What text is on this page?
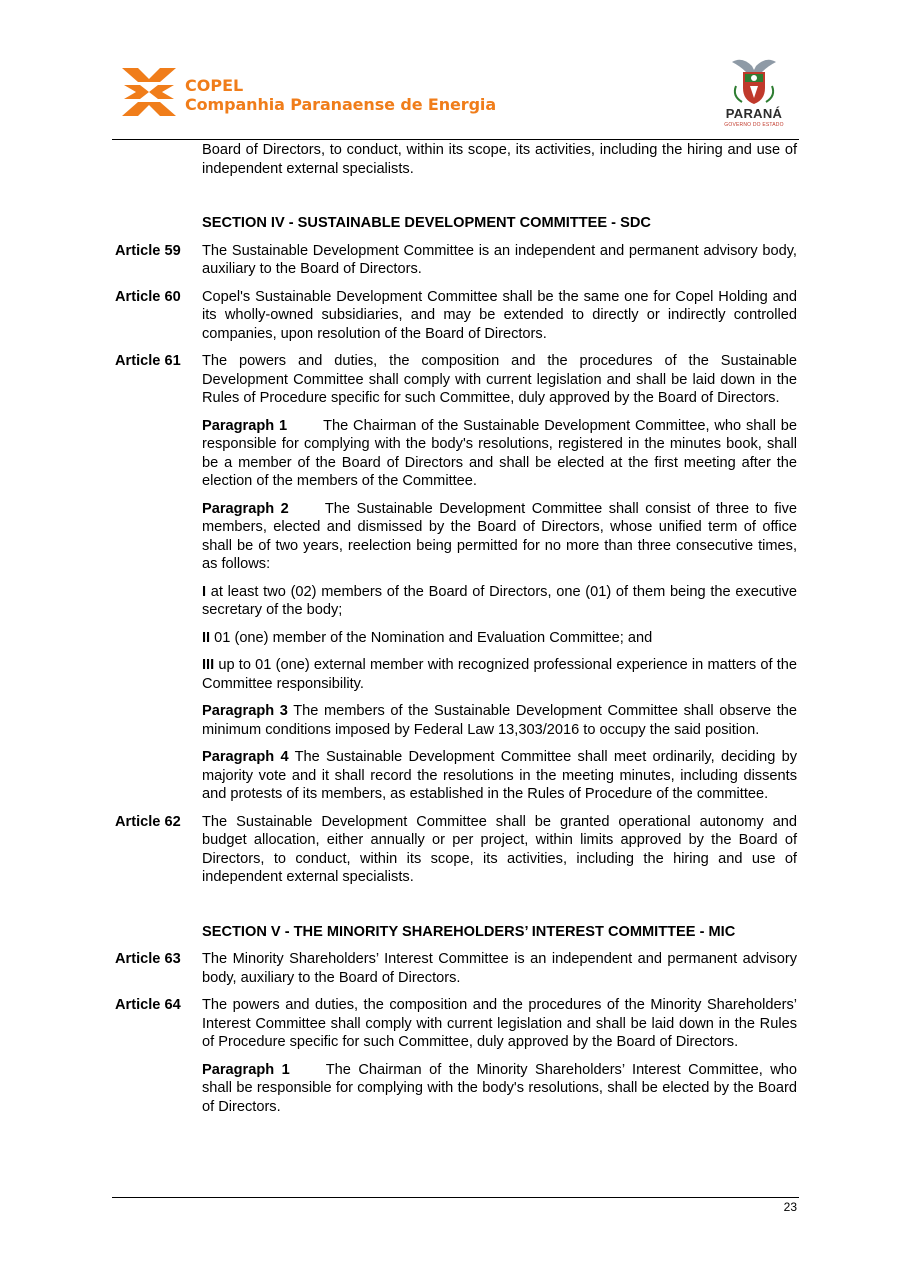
COPEL
Companhia Paranaense de Energia	PARANÁ
GOVERNO DO ESTADO
Board of Directors, to conduct, within its scope, its activities, including the hiring and use of independent external specialists.
SECTION IV - SUSTAINABLE DEVELOPMENT COMMITTEE - SDC
Article 59	The Sustainable Development Committee is an independent and permanent advisory body, auxiliary to the Board of Directors.
Article 60	Copel's Sustainable Development Committee shall be the same one for Copel Holding and its wholly-owned subsidiaries, and may be extended to directly or indirectly controlled companies, upon resolution of the Board of Directors.
Article 61	The powers and duties, the composition and the procedures of the Sustainable Development Committee shall comply with current legislation and shall be laid down in the Rules of Procedure specific for such Committee, duly approved by the Board of Directors.
Paragraph 1 The Chairman of the Sustainable Development Committee, who shall be responsible for complying with the body's resolutions, registered in the minutes book, shall be a member of the Board of Directors and shall be elected at the first meeting after the election of the members of the Committee.
Paragraph 2 The Sustainable Development Committee shall consist of three to five members, elected and dismissed by the Board of Directors, whose unified term of office shall be of two years, reelection being permitted for no more than three consecutive times, as follows:
I at least two (02) members of the Board of Directors, one (01) of them being the executive secretary of the body;
II 01 (one) member of the Nomination and Evaluation Committee; and
III up to 01 (one) external member with recognized professional experience in matters of the Committee responsibility.
Paragraph 3 The members of the Sustainable Development Committee shall observe the minimum conditions imposed by Federal Law 13,303/2016 to occupy the said position.
Paragraph 4 The Sustainable Development Committee shall meet ordinarily, deciding by majority vote and it shall record the resolutions in the meeting minutes, including dissents and protests of its members, as established in the Rules of Procedure of the committee.
Article 62	The Sustainable Development Committee shall be granted operational autonomy and budget allocation, either annually or per project, within limits approved by the Board of Directors, to conduct, within its scope, its activities, including the hiring and use of independent external specialists.
SECTION V - THE MINORITY SHAREHOLDERS’ INTEREST COMMITTEE - MIC
Article 63	The Minority Shareholders’ Interest Committee is an independent and permanent advisory body, auxiliary to the Board of Directors.
Article 64	The powers and duties, the composition and the procedures of the Minority Shareholders’ Interest Committee shall comply with current legislation and shall be laid down in the Rules of Procedure specific for such Committee, duly approved by the Board of Directors.
Paragraph 1 The Chairman of the Minority Shareholders’ Interest Committee, who shall be responsible for complying with the body's resolutions, shall be elected by the Board of Directors.
23
